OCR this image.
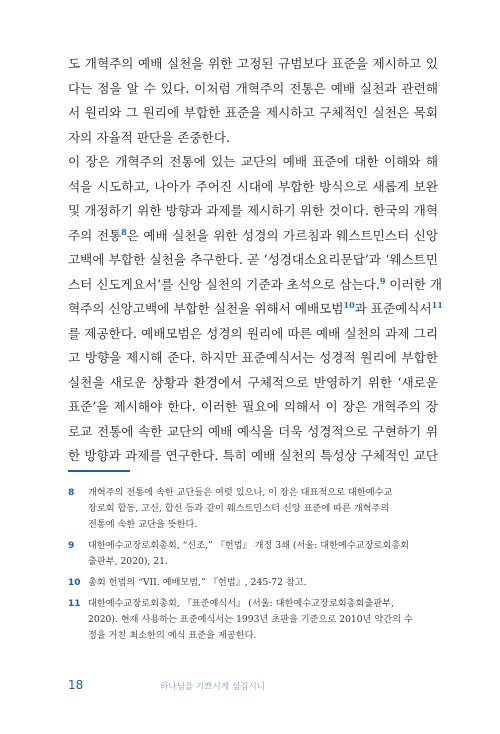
도 개혁주의 예배 실천을 위한 고정된 규범보다 표준을 제시하고 있
다는 점을 알 수 있다. 이처럼 개혁주의 전통은 예배 실천과 관련해
서 원리와 그 원리에 부합한 표준을 제시하고 구체적인 실천은 목회
자의 자율적 판단을 존중한다.
이 장은 개혁주의 전통에 있는 교단의 예배 표준에 대한 이해와 해
석을 시도하고, 나아가 주어진 시대에 부합한 방식으로 새롭게 보완
및 개정하기 위한 방향과 과제를 제시하기 위한 것이다. 한국의 개혁
주의 전통$^8$은 예배 실천을 위한 성경의 가르침과 웨스트민스터 신앙
고백에 부합한 실천을 추구한다. 곧 ‘성경대소요리문답’과 ‘웨스트민
스터 신도게요서’를 신앙 실천의 기준과 초석으로 삼는다.$^9$ 이러한 개
혁주의 신앙고백에 부합한 실천을 위해서 예배모범$^{10}$과 표준예식서$^{11}$
를 제공한다. 예배모범은 성경의 원리에 따른 예배 실천의 과제 그리
고 방향을 제시해 준다. 하지만 표준예식서는 성경적 원리에 부합한
실천을 새로운 상황과 환경에서 구체적으로 반영하기 위한 ‘새로운
표준’을 제시해야 한다. 이러한 필요에 의해서 이 장은 개혁주의 장
로교 전통에 속한 교단의 예배 예식을 더욱 성경적으로 구현하기 위
한 방향과 과제를 연구한다. 특히 예배 실천의 특성상 구체적인 교단
8	개혁주의 전통에 속한 교단들은 여럿 있으나, 이 장은 대표적으로 대한예수교
장로회 합동, 고신, 합신 등과 같이 웨스트민스터 신앙 표준에 따른 개혁주의
전통에 속한 교단을 뜻한다.
9	대한예수교장로회총회, “신조,” 『헌법』 개정 3쇄 (서울: 대한예수교장로회총회
출판부, 2020), 21.
10 총회 헌법의 “VII. 예배모범,” 『헌법』, 245-72 참고.
11 대한예수교장로회총회, 『표준예식서』 (서울: 대한예수교장로회총회출판부,
2020). 현재 사용하는 표준예식서는 1993년 초판을 기준으로 2010년 약간의 수
정을 거친 최소한의 예식 표준을 제공한다.
18	하나님을 기쁘시게 섬김시니
